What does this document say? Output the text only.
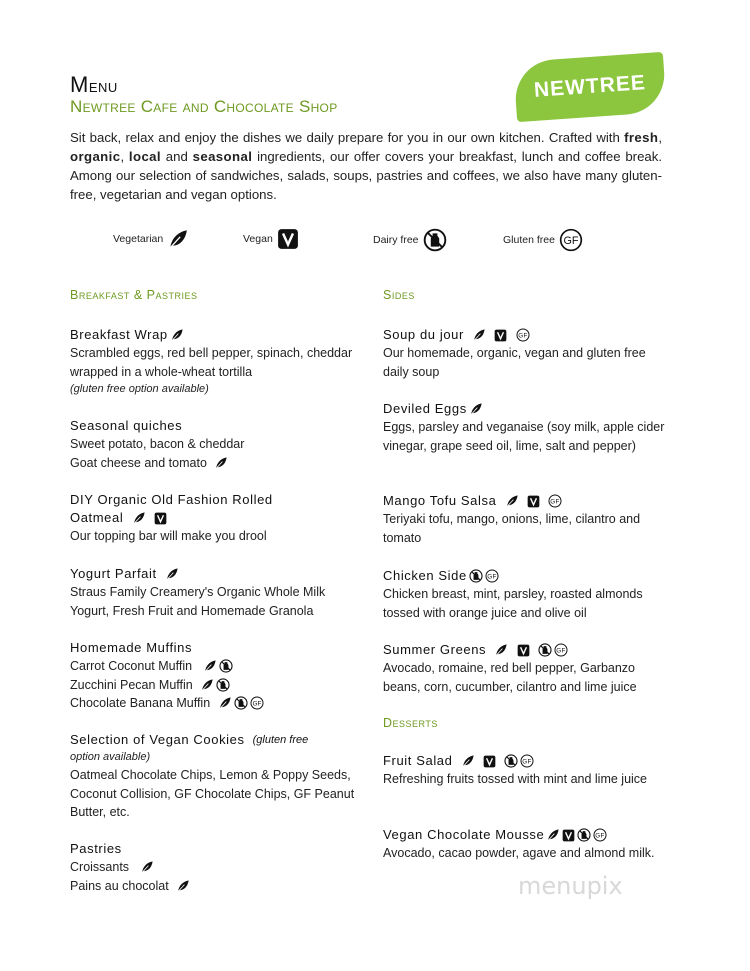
Menu
Newtree Cafe and Chocolate Shop
NEWTREE
Sit back, relax and enjoy the dishes we daily prepare for you in our own kitchen. Crafted with fresh, organic, local and seasonal ingredients, our offer covers your breakfast, lunch and coffee break. Among our selection of sandwiches, salads, soups, pastries and coffees, we also have many gluten-free, vegetarian and vegan options.
Vegetarian	Vegan	Dairy free	Gluten free
Breakfast & Pastries
Breakfast Wrap
Scrambled eggs, red bell pepper, spinach, cheddar wrapped in a whole-wheat tortilla
(gluten free option available)
Seasonal quiches
Sweet potato, bacon & cheddar
Goat cheese and tomato

DIY Organic Old Fashion Rolled
Oatmeal

Our topping bar will make you drool
Yogurt Parfait

Straus Family Creamery's Organic Whole Milk Yogurt, Fresh Fruit and Homemade Granola
Homemade Muffins
Carrot Coconut Muffin

Zucchini Pecan Muffin

Chocolate Banana Muffin

Selection of Vegan Cookies (gluten free
option available)
Oatmeal Chocolate Chips, Lemon & Poppy Seeds, Coconut Collision, GF Chocolate Chips, GF Peanut Butter, etc.
Pastries
Croissants

Pains au chocolat

Sides
Soup du jour

Our homemade, organic, vegan and gluten free daily soup
Deviled Eggs
Eggs, parsley and veganaise (soy milk, apple cider vinegar, grape seed oil, lime, salt and pepper)
Mango Tofu Salsa

Teriyaki tofu, mango, onions, lime, cilantro and tomato
Chicken Side
Chicken breast, mint, parsley, roasted almonds tossed with orange juice and olive oil
Summer Greens

Avocado, romaine, red bell pepper, Garbanzo beans, corn, cucumber, cilantro and lime juice
Desserts
Fruit Salad

Refreshing fruits tossed with mint and lime juice
Vegan Chocolate Mousse
Avocado, cacao powder, agave and almond milk.
menupix
